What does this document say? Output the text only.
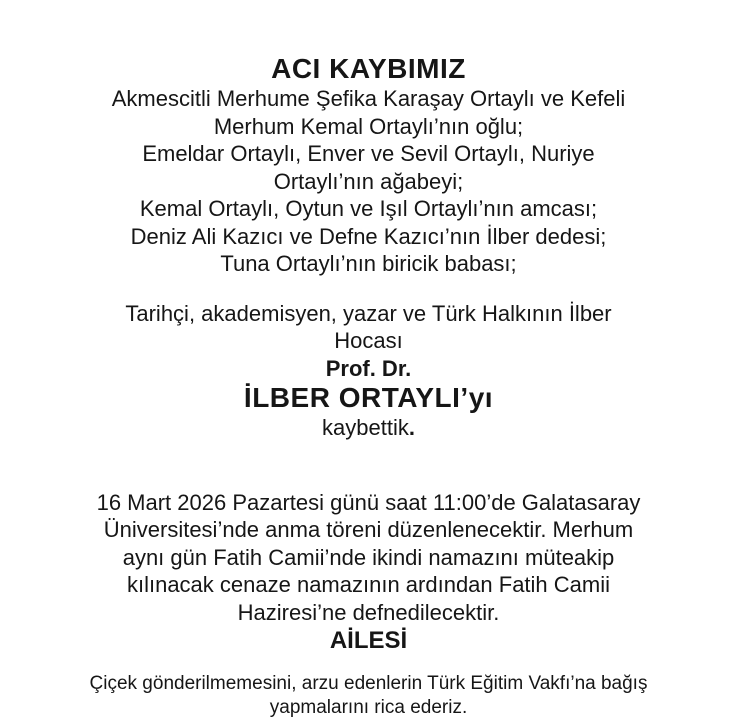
ACI KAYBIMIZ
Akmescitli Merhume Şefika Karaşay Ortaylı ve Kefeli
Merhum Kemal Ortaylı’nın oğlu;
Emeldar Ortaylı, Enver ve Sevil Ortaylı, Nuriye
Ortaylı’nın ağabeyi;
Kemal Ortaylı, Oytun ve Işıl Ortaylı’nın amcası;
Deniz Ali Kazıcı ve Defne Kazıcı’nın İlber dedesi;
Tuna Ortaylı’nın biricik babası;
Tarihçi, akademisyen, yazar ve Türk Halkının İlber
Hocası
Prof. Dr.
İLBER ORTAYLI’yı
kaybettik.
16 Mart 2026 Pazartesi günü saat 11:00’de Galatasaray
Üniversitesi’nde anma töreni düzenlenecektir. Merhum
aynı gün Fatih Camii’nde ikindi namazını müteakip
kılınacak cenaze namazının ardından Fatih Camii
Haziresi’ne defnedilecektir.
AİLESİ
Çiçek gönderilmemesini, arzu edenlerin Türk Eğitim Vakfı’na bağış
yapmalarını rica ederiz.
